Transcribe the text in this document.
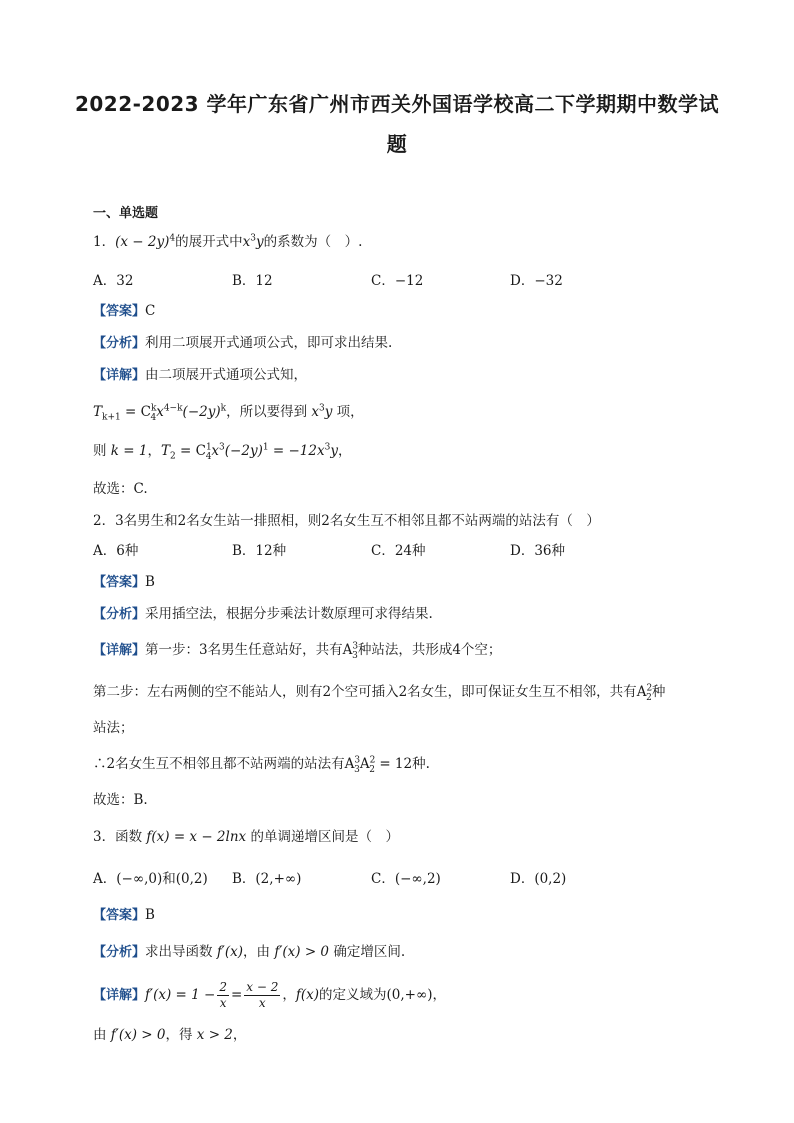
2022-2023 学年广东省广州市西关外国语学校高二下学期期中数学试
题
一、单选题
1．$(x - 2y)^4$的展开式中$x^3y$的系数为（　）.
A．32	B．12	C．−12	D．−32
【答案】C
【分析】利用二项展开式通项公式，即可求出结果.
【详解】由二项展开式通项公式知，
$T_{k+1} = C^k_4x^{4-k}(-2y)^k$，所以要得到 $x^3y$ 项，
则 k = 1，$T_2 = C^1_4x^3(-2y)^1 = -12x^3y$，
故选：C.
2．3名男生和2名女生站一排照相，则2名女生互不相邻且都不站两端的站法有（　）
A．6种	B．12种	C．24种	D．36种
【答案】B
【分析】采用插空法，根据分步乘法计数原理可求得结果.
【详解】第一步：3名男生任意站好，共有$A^3_3$种站法，共形成4个空；
第二步：左右两侧的空不能站人，则有2个空可插入2名女生，即可保证女生互不相邻，共有$A^2_2$种
站法；
∴2名女生互不相邻且都不站两端的站法有$A^3_3A^2_2 = 12$种.
故选：B.
3．函数 f(x) = x − 2lnx 的单调递增区间是（　）
A．(−∞,0)和(0,2) B．(2,+∞)	C．(−∞,2)	D．(0,2)
【答案】B
【分析】求出导函数 f′(x)，由 f′(x) > 0 确定增区间.
【详解】$f'(x) = 1 - \frac{2}{x} = \frac{x - 2}{x}$ ，f(x)的定义域为(0,+∞)，
由 f′(x) > 0，得 x > 2，
